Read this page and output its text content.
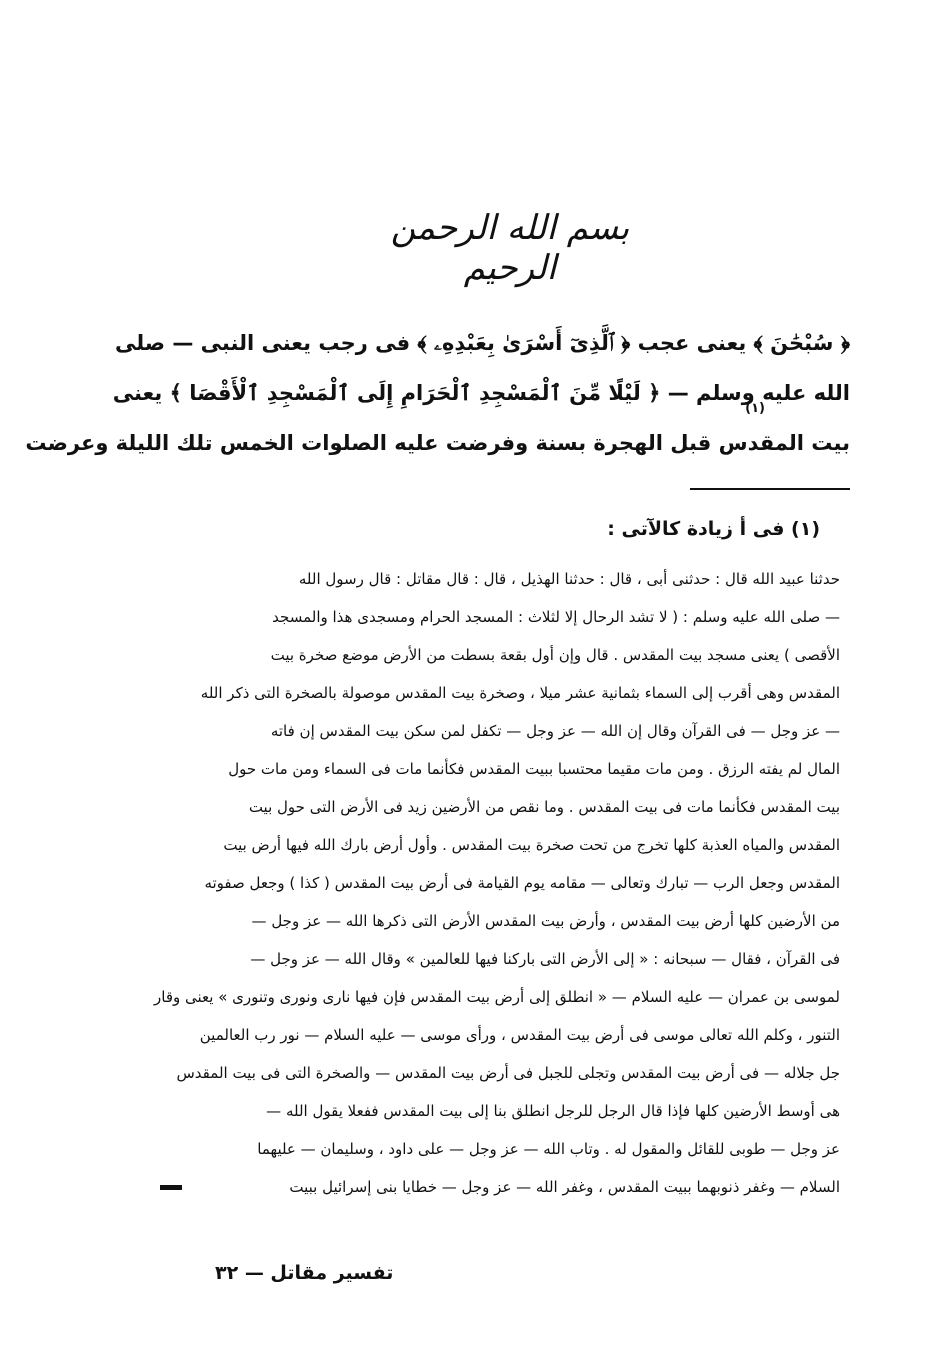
بسم الله الرحمن الرحيم
﴿ سُبْحَٰنَ ﴾ يعنى عجب ﴿ ٱلَّذِىٓ أَسْرَىٰ بِعَبْدِهِۦ ﴾ فى رجب يعنى النبى — صلى
الله عليه وسلم — ﴿ لَيْلًا مِّنَ ٱلْمَسْجِدِ ٱلْحَرَامِ إِلَى ٱلْمَسْجِدِ ٱلْأَقْصَا ﴾ يعنى
(١)
بيت المقدس قبل الهجرة بسنة وفرضت عليه الصلوات الخمس تلك الليلة وعرضت
(١) فى أ زيادة كالآتى :
حدثنا عبيد الله قال : حدثنى أبى ، قال : حدثنا الهذيل ، قال : قال مقاتل : قال رسول الله
— صلى الله عليه وسلم : ( لا تشد الرحال إلا لثلاث : المسجد الحرام ومسجدى هذا والمسجد
الأقصى ) يعنى مسجد بيت المقدس . قال وإن أول بقعة بسطت من الأرض موضع صخرة بيت
المقدس وهى أقرب إلى السماء بثمانية عشر ميلا ، وصخرة بيت المقدس موصولة بالصخرة التى ذكر الله
— عز وجل — فى القرآن وقال إن الله — عز وجل — تكفل لمن سكن بيت المقدس إن فاته
المال لم يفته الرزق . ومن مات مقيما محتسبا ببيت المقدس فكأنما مات فى السماء ومن مات حول
بيت المقدس فكأنما مات فى بيت المقدس . وما نقص من الأرضين زيد فى الأرض التى حول بيت
المقدس والمياه العذبة كلها تخرج من تحت صخرة بيت المقدس . وأول أرض بارك الله فيها أرض بيت
المقدس وجعل الرب — تبارك وتعالى — مقامه يوم القيامة فى أرض بيت المقدس ( كذا ) وجعل صفوته
من الأرضين كلها أرض بيت المقدس ، وأرض بيت المقدس الأرض التى ذكرها الله — عز وجل —
فى القرآن ، فقال — سبحانه : « إلى الأرض التى باركنا فيها للعالمين » وقال الله — عز وجل —
لموسى بن عمران — عليه السلام — « انطلق إلى أرض بيت المقدس فإن فيها نارى ونورى وتنورى » يعنى وقار
التنور ، وكلم الله تعالى موسى فى أرض بيت المقدس ، ورأى موسى — عليه السلام — نور رب العالمين
جل جلاله — فى أرض بيت المقدس وتجلى للجبل فى أرض بيت المقدس — والصخرة التى فى بيت المقدس
هى أوسط الأرضين كلها فإذا قال الرجل للرجل انطلق بنا إلى بيت المقدس ففعلا يقول الله —
عز وجل — طوبى للقائل والمقول له . وتاب الله — عز وجل — على داود ، وسليمان — عليهما
السلام — وغفر ذنوبهما ببيت المقدس ، وغفر الله — عز وجل — خطايا بنى إسرائيل ببيت
تفسير مقاتل — ٣٢
